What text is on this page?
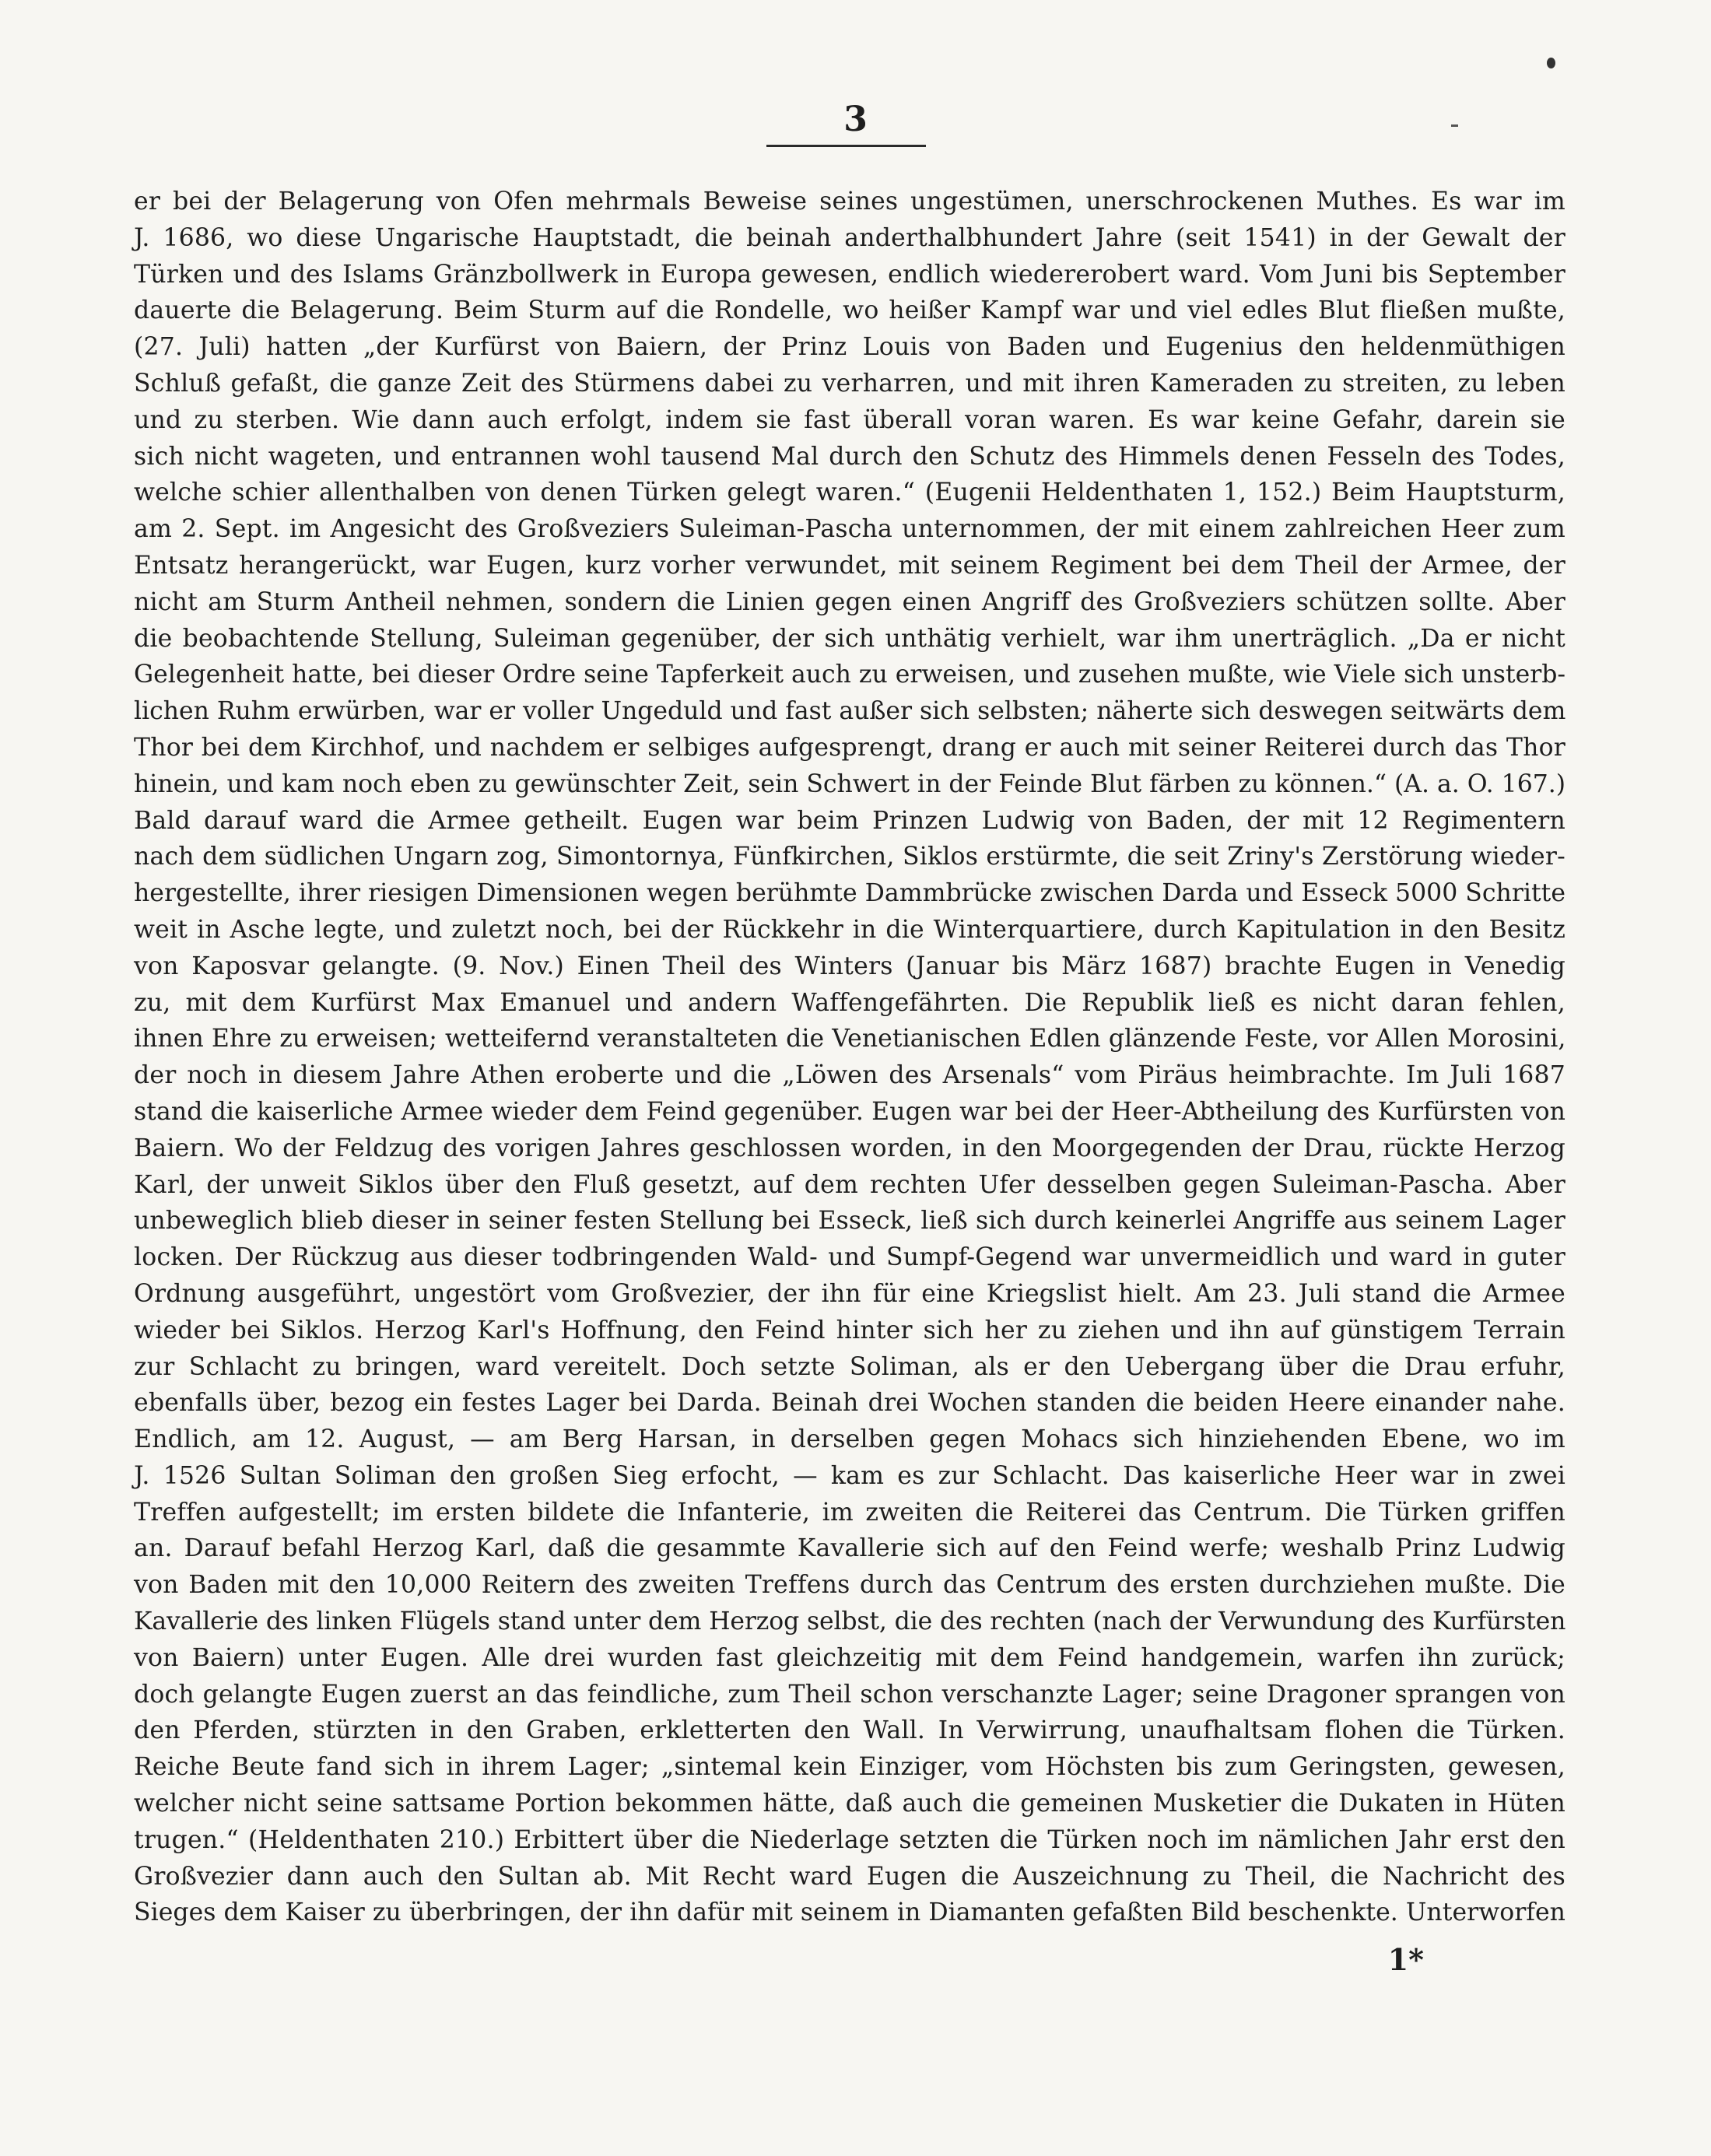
3
er bei der Belagerung von Ofen mehrmals Beweise seines ungestümen, unerschrockenen Muthes. Es war im
J. 1686, wo diese Ungarische Hauptstadt, die beinah anderthalbhundert Jahre (seit 1541) in der Gewalt der
Türken und des Islams Gränzbollwerk in Europa gewesen, endlich wiedererobert ward. Vom Juni bis September
dauerte die Belagerung. Beim Sturm auf die Rondelle, wo heißer Kampf war und viel edles Blut fließen mußte,
(27. Juli) hatten „der Kurfürst von Baiern, der Prinz Louis von Baden und Eugenius den heldenmüthigen
Schluß gefaßt, die ganze Zeit des Stürmens dabei zu verharren, und mit ihren Kameraden zu streiten, zu leben
und zu sterben. Wie dann auch erfolgt, indem sie fast überall voran waren. Es war keine Gefahr, darein sie
sich nicht wageten, und entrannen wohl tausend Mal durch den Schutz des Himmels denen Fesseln des Todes,
welche schier allenthalben von denen Türken gelegt waren.“ (Eugenii Heldenthaten 1, 152.) Beim Hauptsturm,
am 2. Sept. im Angesicht des Großveziers Suleiman-Pascha unternommen, der mit einem zahlreichen Heer zum
Entsatz herangerückt, war Eugen, kurz vorher verwundet, mit seinem Regiment bei dem Theil der Armee, der
nicht am Sturm Antheil nehmen, sondern die Linien gegen einen Angriff des Großveziers schützen sollte. Aber
die beobachtende Stellung, Suleiman gegenüber, der sich unthätig verhielt, war ihm unerträglich. „Da er nicht
Gelegenheit hatte, bei dieser Ordre seine Tapferkeit auch zu erweisen, und zusehen mußte, wie Viele sich unsterb-
lichen Ruhm erwürben, war er voller Ungeduld und fast außer sich selbsten; näherte sich deswegen seitwärts dem
Thor bei dem Kirchhof, und nachdem er selbiges aufgesprengt, drang er auch mit seiner Reiterei durch das Thor
hinein, und kam noch eben zu gewünschter Zeit, sein Schwert in der Feinde Blut färben zu können.“ (A. a. O. 167.)
Bald darauf ward die Armee getheilt. Eugen war beim Prinzen Ludwig von Baden, der mit 12 Regimentern
nach dem südlichen Ungarn zog, Simontornya, Fünfkirchen, Siklos erstürmte, die seit Zriny's Zerstörung wieder-
hergestellte, ihrer riesigen Dimensionen wegen berühmte Dammbrücke zwischen Darda und Esseck 5000 Schritte
weit in Asche legte, und zuletzt noch, bei der Rückkehr in die Winterquartiere, durch Kapitulation in den Besitz
von Kaposvar gelangte. (9. Nov.) Einen Theil des Winters (Januar bis März 1687) brachte Eugen in Venedig
zu, mit dem Kurfürst Max Emanuel und andern Waffengefährten. Die Republik ließ es nicht daran fehlen,
ihnen Ehre zu erweisen; wetteifernd veranstalteten die Venetianischen Edlen glänzende Feste, vor Allen Morosini,
der noch in diesem Jahre Athen eroberte und die „Löwen des Arsenals“ vom Piräus heimbrachte. Im Juli 1687
stand die kaiserliche Armee wieder dem Feind gegenüber. Eugen war bei der Heer-Abtheilung des Kurfürsten von
Baiern. Wo der Feldzug des vorigen Jahres geschlossen worden, in den Moorgegenden der Drau, rückte Herzog
Karl, der unweit Siklos über den Fluß gesetzt, auf dem rechten Ufer desselben gegen Suleiman-Pascha. Aber
unbeweglich blieb dieser in seiner festen Stellung bei Esseck, ließ sich durch keinerlei Angriffe aus seinem Lager
locken. Der Rückzug aus dieser todbringenden Wald- und Sumpf-Gegend war unvermeidlich und ward in guter
Ordnung ausgeführt, ungestört vom Großvezier, der ihn für eine Kriegslist hielt. Am 23. Juli stand die Armee
wieder bei Siklos. Herzog Karl's Hoffnung, den Feind hinter sich her zu ziehen und ihn auf günstigem Terrain
zur Schlacht zu bringen, ward vereitelt. Doch setzte Soliman, als er den Uebergang über die Drau erfuhr,
ebenfalls über, bezog ein festes Lager bei Darda. Beinah drei Wochen standen die beiden Heere einander nahe.
Endlich, am 12. August, — am Berg Harsan, in derselben gegen Mohacs sich hinziehenden Ebene, wo im
J. 1526 Sultan Soliman den großen Sieg erfocht, — kam es zur Schlacht. Das kaiserliche Heer war in zwei
Treffen aufgestellt; im ersten bildete die Infanterie, im zweiten die Reiterei das Centrum. Die Türken griffen
an. Darauf befahl Herzog Karl, daß die gesammte Kavallerie sich auf den Feind werfe; weshalb Prinz Ludwig
von Baden mit den 10,000 Reitern des zweiten Treffens durch das Centrum des ersten durchziehen mußte. Die
Kavallerie des linken Flügels stand unter dem Herzog selbst, die des rechten (nach der Verwundung des Kurfürsten
von Baiern) unter Eugen. Alle drei wurden fast gleichzeitig mit dem Feind handgemein, warfen ihn zurück;
doch gelangte Eugen zuerst an das feindliche, zum Theil schon verschanzte Lager; seine Dragoner sprangen von
den Pferden, stürzten in den Graben, erkletterten den Wall. In Verwirrung, unaufhaltsam flohen die Türken.
Reiche Beute fand sich in ihrem Lager; „sintemal kein Einziger, vom Höchsten bis zum Geringsten, gewesen,
welcher nicht seine sattsame Portion bekommen hätte, daß auch die gemeinen Musketier die Dukaten in Hüten
trugen.“ (Heldenthaten 210.) Erbittert über die Niederlage setzten die Türken noch im nämlichen Jahr erst den
Großvezier dann auch den Sultan ab. Mit Recht ward Eugen die Auszeichnung zu Theil, die Nachricht des
Sieges dem Kaiser zu überbringen, der ihn dafür mit seinem in Diamanten gefaßten Bild beschenkte. Unterworfen
1*
